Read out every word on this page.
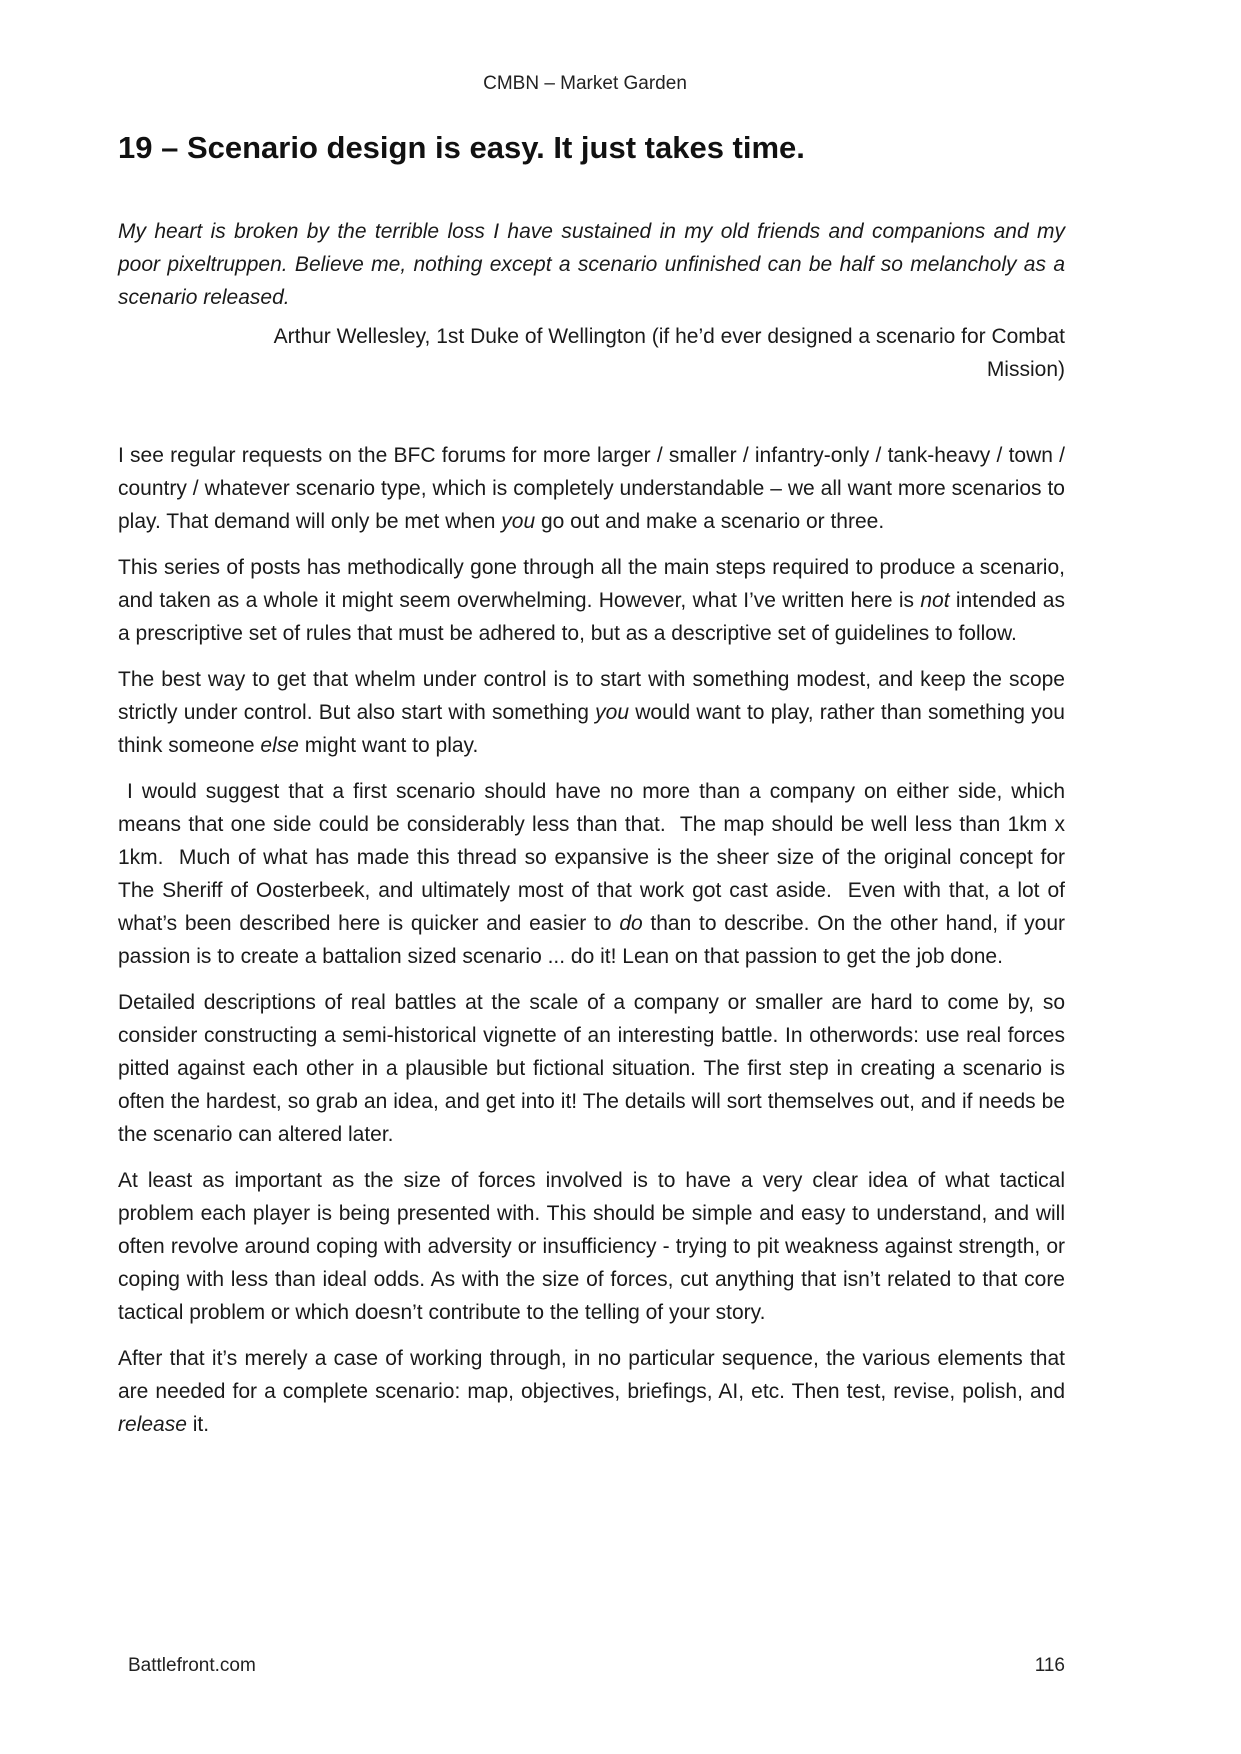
CMBN – Market Garden
19 – Scenario design is easy. It just takes time.
My heart is broken by the terrible loss I have sustained in my old friends and companions and my poor pixeltruppen. Believe me, nothing except a scenario unfinished can be half so melancholy as a scenario released.
Arthur Wellesley, 1st Duke of Wellington (if he’d ever designed a scenario for Combat Mission)

I see regular requests on the BFC forums for more larger / smaller / infantry-only / tank-heavy / town / country / whatever scenario type, which is completely understandable – we all want more scenarios to play. That demand will only be met when you go out and make a scenario or three.

This series of posts has methodically gone through all the main steps required to produce a scenario, and taken as a whole it might seem overwhelming. However, what I’ve written here is not intended as a prescriptive set of rules that must be adhered to, but as a descriptive set of guidelines to follow.

The best way to get that whelm under control is to start with something modest, and keep the scope strictly under control. But also start with something you would want to play, rather than something you think someone else might want to play.

I would suggest that a first scenario should have no more than a company on either side, which means that one side could be considerably less than that.  The map should be well less than 1km x 1km.  Much of what has made this thread so expansive is the sheer size of the original concept for The Sheriff of Oosterbeek, and ultimately most of that work got cast aside.  Even with that, a lot of what’s been described here is quicker and easier to do than to describe. On the other hand, if your passion is to create a battalion sized scenario ... do it! Lean on that passion to get the job done.

Detailed descriptions of real battles at the scale of a company or smaller are hard to come by, so consider constructing a semi-historical vignette of an interesting battle. In otherwords: use real forces pitted against each other in a plausible but fictional situation. The first step in creating a scenario is often the hardest, so grab an idea, and get into it! The details will sort themselves out, and if needs be the scenario can altered later.

At least as important as the size of forces involved is to have a very clear idea of what tactical problem each player is being presented with. This should be simple and easy to understand, and will often revolve around coping with adversity or insufficiency - trying to pit weakness against strength, or coping with less than ideal odds. As with the size of forces, cut anything that isn’t related to that core tactical problem or which doesn’t contribute to the telling of your story.

After that it’s merely a case of working through, in no particular sequence, the various elements that are needed for a complete scenario: map, objectives, briefings, AI, etc. Then test, revise, polish, and release it.

Battlefront.com	116
